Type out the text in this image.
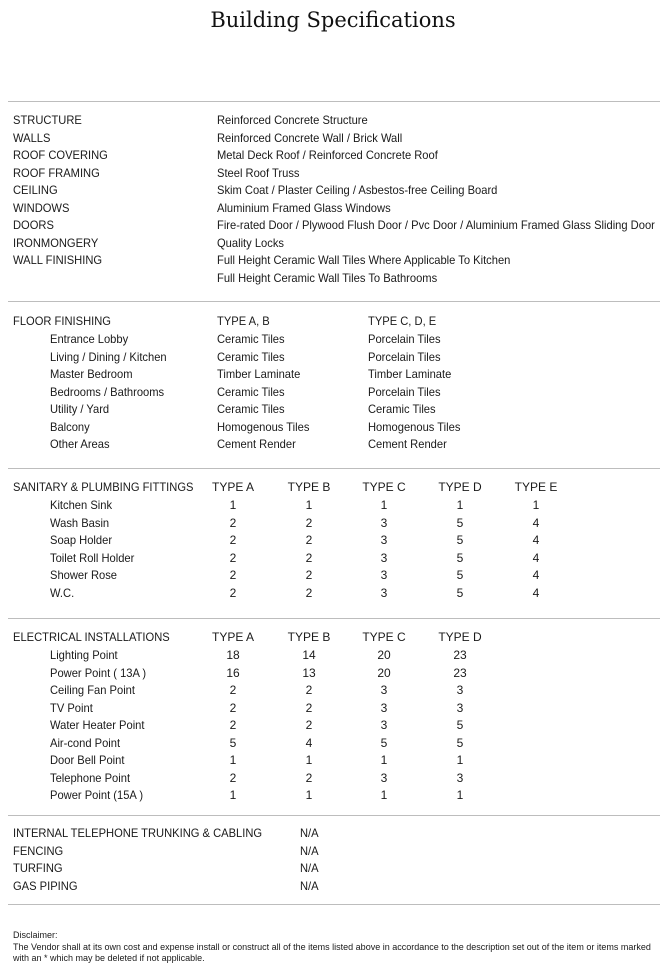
Building Specifications
STRUCTURE	Reinforced Concrete Structure
WALLS	Reinforced Concrete Wall / Brick Wall
ROOF COVERING	Metal Deck Roof / Reinforced Concrete Roof
ROOF FRAMING	Steel Roof Truss
CEILING	Skim Coat / Plaster Ceiling / Asbestos-free Ceiling Board
WINDOWS	Aluminium Framed Glass Windows
DOORS	Fire-rated Door / Plywood Flush Door / Pvc Door / Aluminium Framed Glass Sliding Door
IRONMONGERY	Quality Locks
WALL FINISHING	Full Height Ceramic Wall Tiles Where Applicable To Kitchen
Full Height Ceramic Wall Tiles To Bathrooms
FLOOR FINISHING	TYPE A, B	TYPE C, D, E
Entrance Lobby	Ceramic Tiles	Porcelain Tiles
Living / Dining / Kitchen	Ceramic Tiles	Porcelain Tiles
Master Bedroom	Timber Laminate	Timber Laminate
Bedrooms / Bathrooms	Ceramic Tiles	Porcelain Tiles
Utility / Yard	Ceramic Tiles	Ceramic Tiles
Balcony	Homogenous Tiles	Homogenous Tiles
Other Areas	Cement Render	Cement Render
SANITARY & PLUMBING FITTINGS	TYPE A	TYPE B	TYPE C	TYPE D	TYPE E
Kitchen Sink	1	1	1	1	1
Wash Basin	2	2	3	5	4
Soap Holder	2	2	3	5	4
Toilet Roll Holder	2	2	3	5	4
Shower Rose	2	2	3	5	4
W.C.	2	2	3	5	4
ELECTRICAL INSTALLATIONS	TYPE A	TYPE B	TYPE C	TYPE D
Lighting Point	18	14	20	23
Power Point ( 13A )	16	13	20	23
Ceiling Fan Point	2	2	3	3
TV Point	2	2	3	3
Water Heater Point	2	2	3	5
Air-cond Point	5	4	5	5
Door Bell Point	1	1	1	1
Telephone Point	2	2	3	3
Power Point (15A )	1	1	1	1
INTERNAL TELEPHONE TRUNKING & CABLING	N/A
FENCING	N/A
TURFING	N/A
GAS PIPING	N/A
Disclaimer:
The Vendor shall at its own cost and expense install or construct all of the items listed above in accordance to the description set out of the item or items marked with an * which may be deleted if not applicable.
